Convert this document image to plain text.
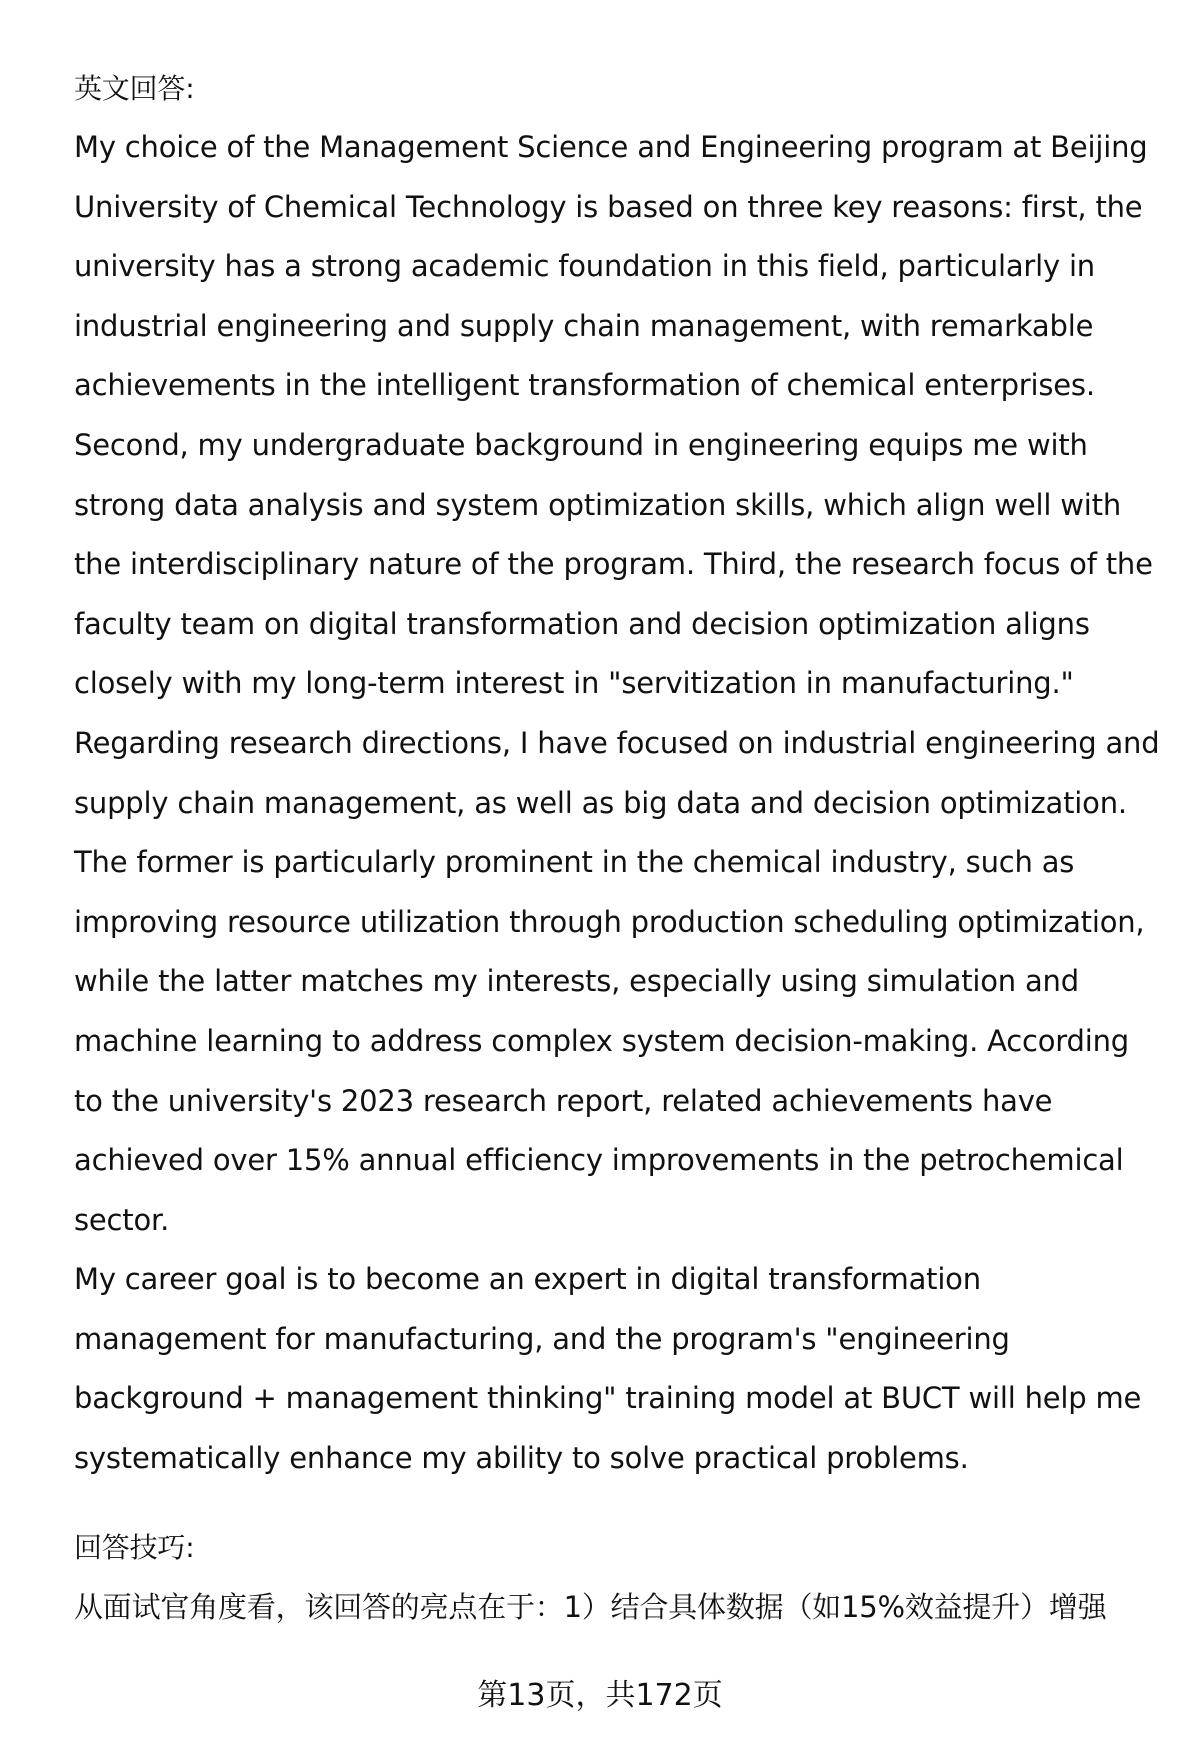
英文回答:
My choice of the Management Science and Engineering program at Beijing
University of Chemical Technology is based on three key reasons: first, the
university has a strong academic foundation in this field, particularly in
industrial engineering and supply chain management, with remarkable
achievements in the intelligent transformation of chemical enterprises.
Second, my undergraduate background in engineering equips me with
strong data analysis and system optimization skills, which align well with
the interdisciplinary nature of the program. Third, the research focus of the
faculty team on digital transformation and decision optimization aligns
closely with my long-term interest in "servitization in manufacturing."
Regarding research directions, I have focused on industrial engineering and
supply chain management, as well as big data and decision optimization.
The former is particularly prominent in the chemical industry, such as
improving resource utilization through production scheduling optimization,
while the latter matches my interests, especially using simulation and
machine learning to address complex system decision-making. According
to the university's 2023 research report, related achievements have
achieved over 15% annual efficiency improvements in the petrochemical
sector.
My career goal is to become an expert in digital transformation
management for manufacturing, and the program's "engineering
background + management thinking" training model at BUCT will help me
systematically enhance my ability to solve practical problems.
回答技巧:
从面试官角度看，该回答的亮点在于：1）结合具体数据（如15%效益提升）增强
第13页，共172页
